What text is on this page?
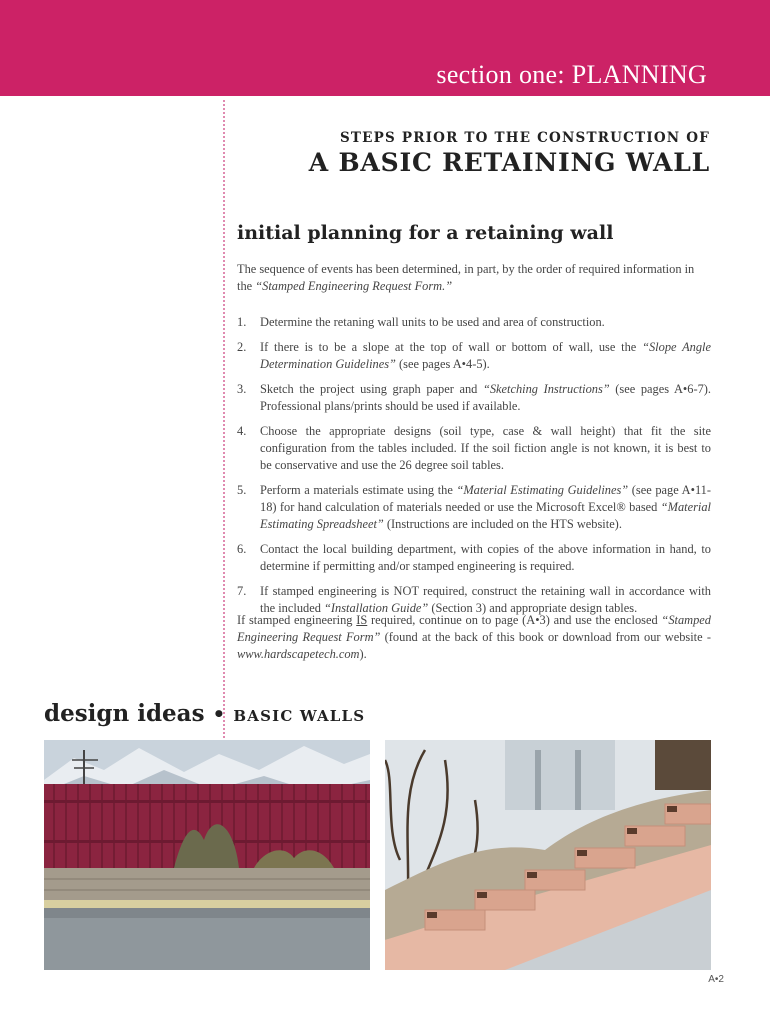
section one: PLANNING
STEPS PRIOR TO THE CONSTRUCTION OF
A BASIC RETAINING WALL
initial planning for a retaining wall
The sequence of events has been determined, in part, by the order of required information in the “Stamped Engineering Request Form.”
1. Determine the retaning wall units to be used and area of construction.
2. If there is to be a slope at the top of wall or bottom of wall, use the “Slope Angle Determination Guidelines” (see pages A•4-5).
3. Sketch the project using graph paper and “Sketching Instructions” (see pages A•6-7). Professional plans/prints should be used if available.
4. Choose the appropriate designs (soil type, case & wall height) that fit the site configuration from the tables included. If the soil fiction angle is not known, it is best to be conservative and use the 26 degree soil tables.
5. Perform a materials estimate using the “Material Estimating Guidelines” (see page A•11-18) for hand calculation of materials needed or use the Microsoft Excel® based “Material Estimating Spreadsheet” (Instructions are included on the HTS website).
6. Contact the local building department, with copies of the above information in hand, to determine if permitting and/or stamped engineering is required.
7. If stamped engineering is NOT required, construct the retaining wall in accordance with the included “Installation Guide” (Section 3) and appropriate design tables.
If stamped engineering IS required, continue on to page (A•3) and use the enclosed “Stamped Engineering Request Form” (found at the back of this book or download from our website - www.hardscapetech.com).
design ideas • BASIC WALLS
A•2
